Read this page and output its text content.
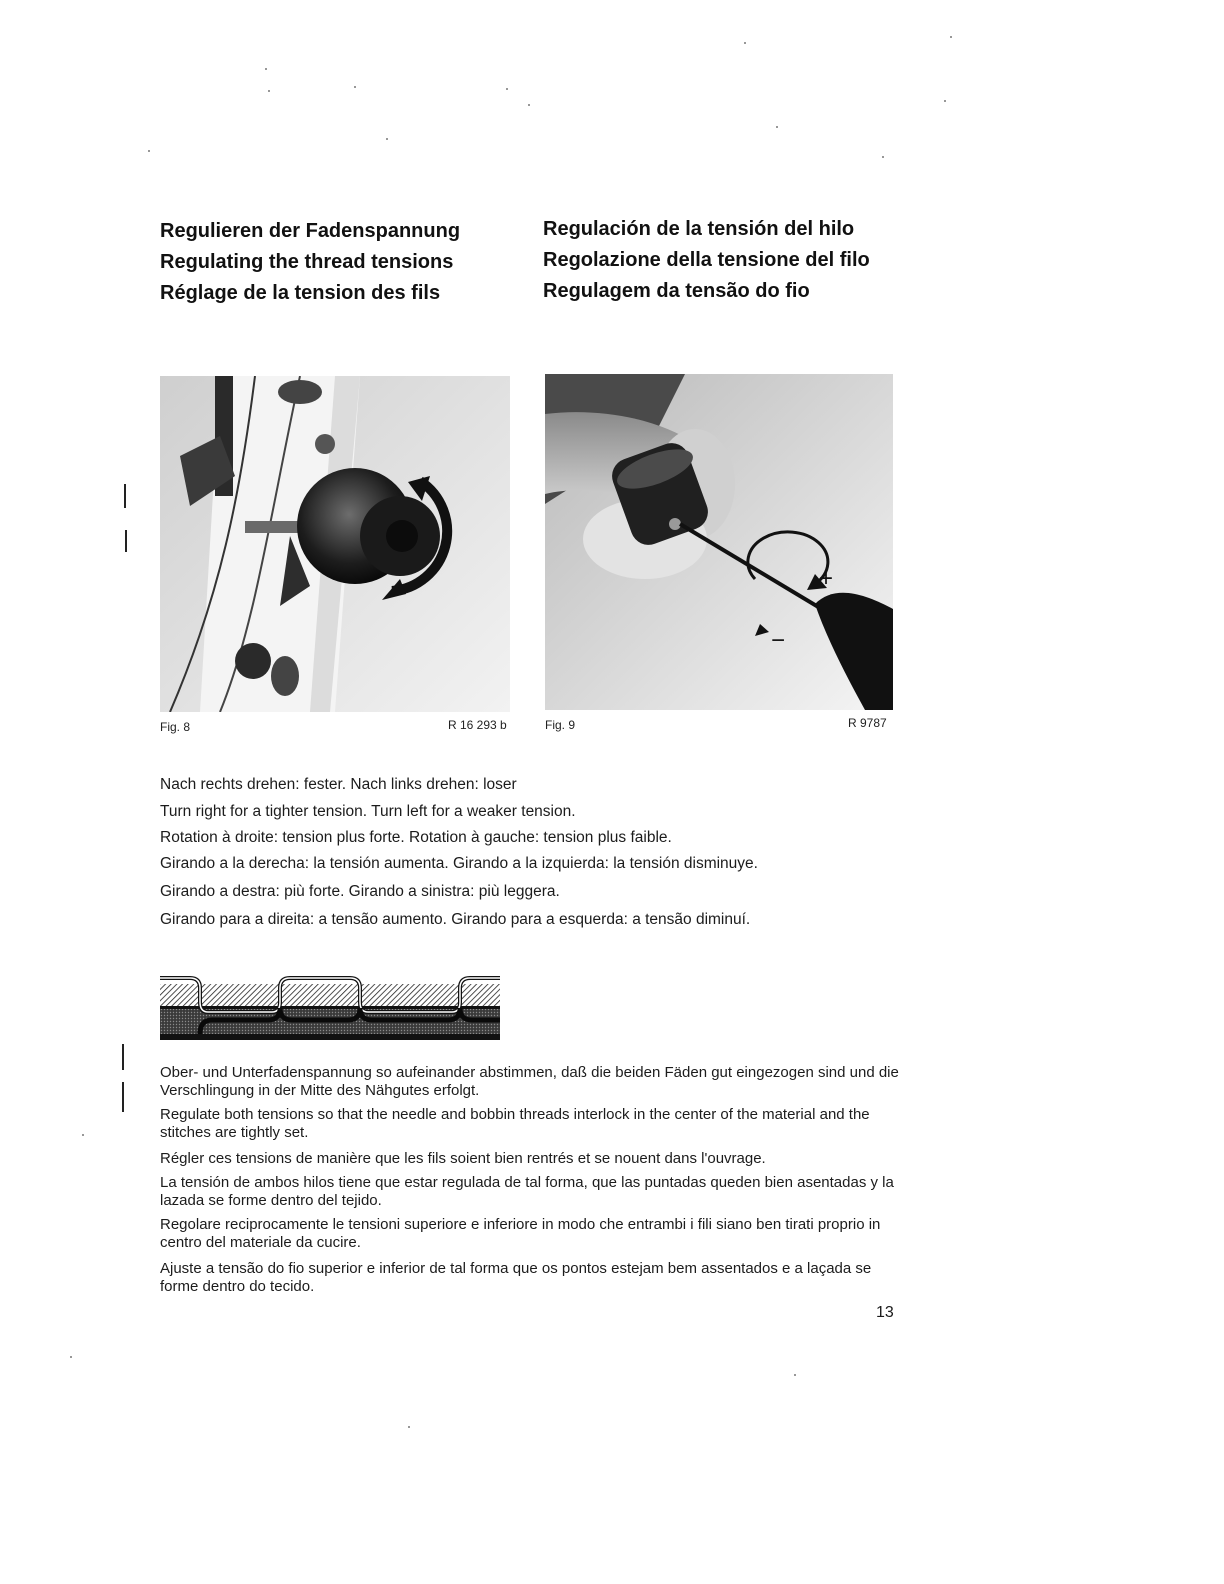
Regulieren der Fadenspannung
Regulating the thread tensions
Réglage de la tension des fils
Regulación de la tensión del hilo
Regolazione della tensione del filo
Regulagem da tensão do fio
Fig. 8	R 16 293 b
+
−
Fig. 9	R 9787
Nach rechts drehen: fester. Nach links drehen: loser
Turn right for a tighter tension. Turn left for a weaker tension.
Rotation à droite: tension plus forte. Rotation à gauche: tension plus faible.
Girando a la derecha: la tensión aumenta. Girando a la izquierda: la tensión disminuye.
Girando a destra: più forte. Girando a sinistra: più leggera.
Girando para a direita: a tensão aumento. Girando para a esquerda: a tensão diminuí.
Ober- und Unterfadenspannung so aufeinander abstimmen, daß die beiden Fäden gut eingezogen sind und die Verschlingung in der Mitte des Nähgutes erfolgt.
Regulate both tensions so that the needle and bobbin threads interlock in the center of the material and the stitches are tightly set.
Régler ces tensions de manière que les fils soient bien rentrés et se nouent dans l'ouvrage.
La tensión de ambos hilos tiene que estar regulada de tal forma, que las puntadas queden bien asentadas y la lazada se forme dentro del tejido.
Regolare reciprocamente le tensioni superiore e inferiore in modo che entrambi i fili siano ben tirati proprio in centro del materiale da cucire.
Ajuste a tensão do fio superior e inferior de tal forma que os pontos estejam bem assentados e a laçada se forme dentro do tecido.
13
